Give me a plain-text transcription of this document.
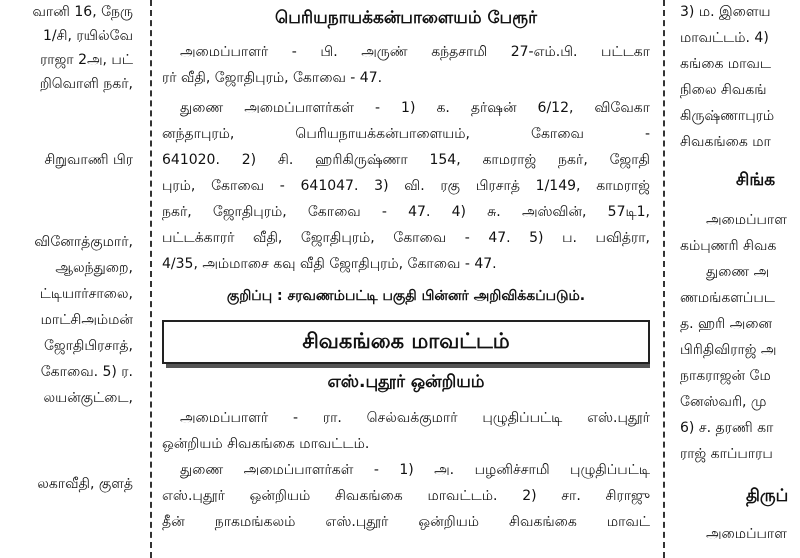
வானி 16, நேரு
1/சி, ரயில்வே
ராஜா 2அ, பட்
றிவொளி நகர்,
சிறுவாணி பிர
வினோத்குமார்,
ஆலந்துறை,
ட்டியார்சாலை,
மாட்சிஅம்மன்
ஜோதிபிரசாத்,
கோவை. 5) ர.
லயன்குட்டை,
லகாவீதி, குளத்
பெரியநாயக்கன்பாளையம் பேரூர்
அமைப்பாளர் - பி. அருண் கந்தசாமி 27-எம்.பி. பட்டகா
ரர் வீதி, ஜோதிபுரம், கோவை - 47.
துணை அமைப்பாளர்கள் - 1) க. தர்ஷன் 6/12, விவேகா
னந்தாபுரம், பெரியநாயக்கன்பாளையம், கோவை -
641020. 2) சி. ஹரிகிருஷ்ணா 154, காமராஜ் நகர், ஜோதி
புரம், கோவை - 641047. 3) வி. ரகு பிரசாத் 1/149, காமராஜ்
நகர், ஜோதிபுரம், கோவை - 47. 4) சு. அஸ்வின், 57டி1,
பட்டக்காரர் வீதி, ஜோதிபுரம், கோவை - 47. 5) ப. பவித்ரா,
4/35, அம்மாசை கவு வீதி ஜோதிபுரம், கோவை - 47.
குறிப்பு : சரவணம்பட்டி பகுதி பின்னர் அறிவிக்கப்படும்.
சிவகங்கை மாவட்டம்
எஸ்.புதூர் ஒன்றியம்
அமைப்பாளர் - ரா. செல்வக்குமார் புழுதிப்பட்டி எஸ்.புதூர்
ஒன்றியம் சிவகங்கை மாவட்டம்.
துணை அமைப்பாளர்கள் - 1) அ. பழனிச்சாமி புழுதிப்பட்டி
எஸ்.புதூர் ஒன்றியம் சிவகங்கை மாவட்டம். 2) சா. சிராஜு
தீன் நாகமங்கலம் எஸ்.புதூர் ஒன்றியம் சிவகங்கை மாவட்
3) ம. இளைய
மாவட்டம். 4)
கங்கை மாவட
நிலை சிவகங்
கிருஷ்ணாபுரம்
சிவகங்கை மா
சிங்க
அமைப்பாள
கம்புணரி சிவக
துணை அ
ணமங்களப்பட
த. ஹரி அனை
பிரிதிவிராஜ் அ
நாகராஜன் மே
னேஸ்வரி, மு
6) ச. தரணி கா
ராஜ் காப்பாரப
திருப்
அமைப்பாள
